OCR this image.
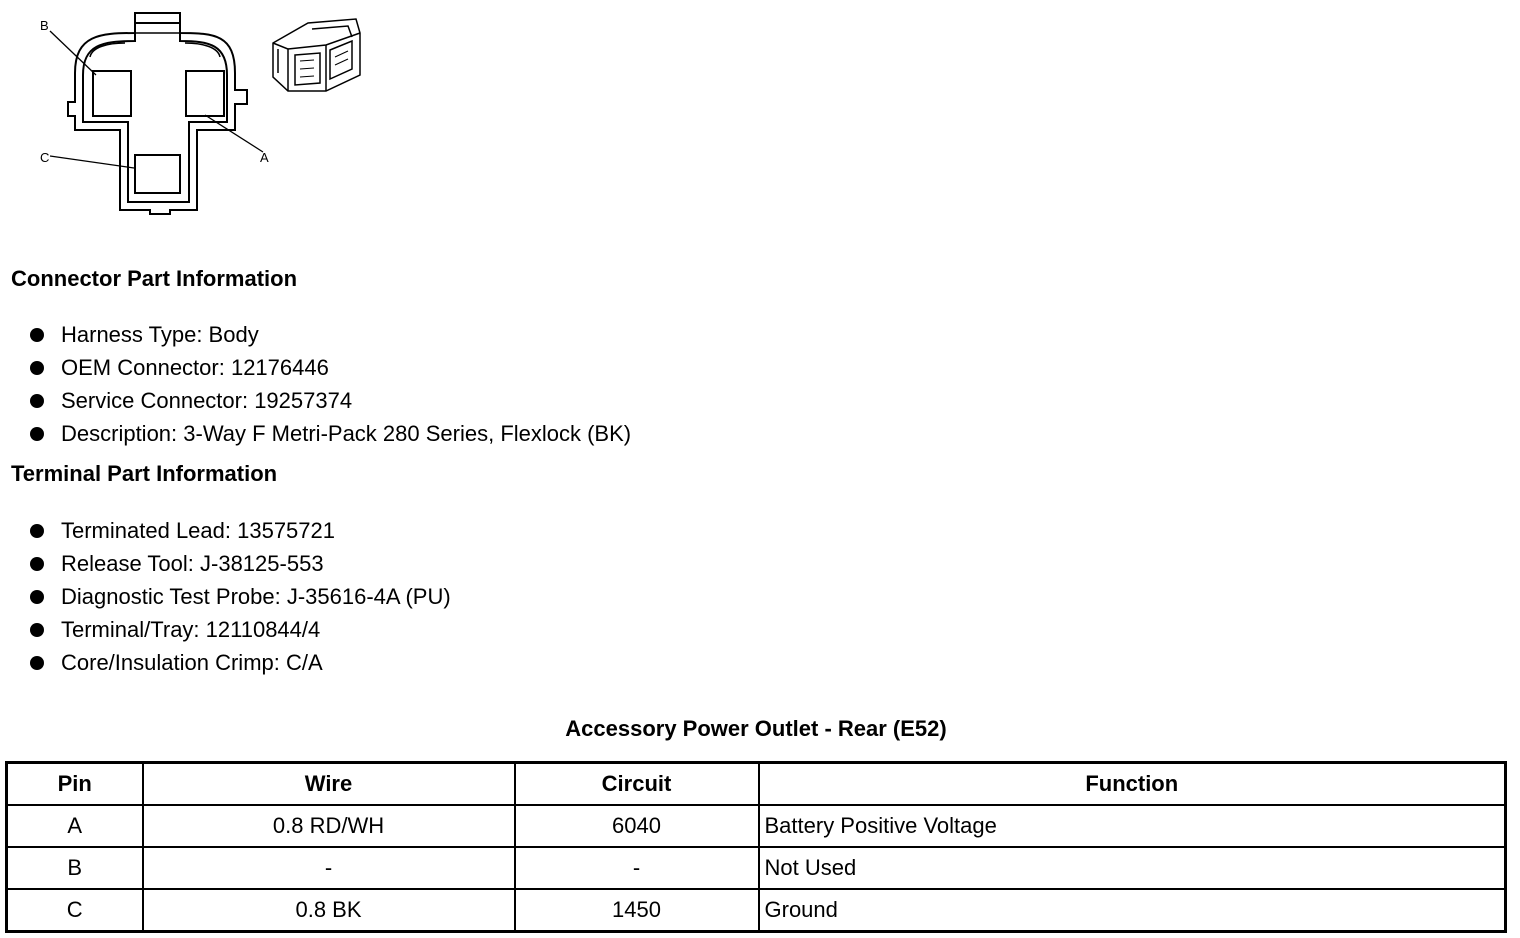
B
A
C
Connector Part Information
Harness Type: Body
OEM Connector: 12176446
Service Connector: 19257374
Description: 3-Way F Metri-Pack 280 Series, Flexlock (BK)
Terminal Part Information
Terminated Lead: 13575721
Release Tool: J-38125-553
Diagnostic Test Probe: J-35616-4A (PU)
Terminal/Tray: 12110844/4
Core/Insulation Crimp: C/A
Accessory Power Outlet - Rear (E52)
Pin	Wire	Circuit	Function
A	0.8 RD/WH	6040	Battery Positive Voltage
B	-	-	Not Used
C	0.8 BK	1450	Ground
